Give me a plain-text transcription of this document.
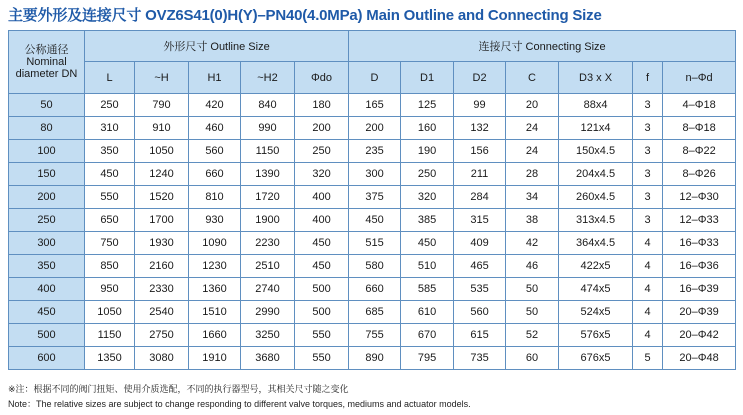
主要外形及连接尺寸 OVZ6S41(0)H(Y)–PN40(4.0MPa) Main Outline and Connecting Size
公称通径 Nominal diameter DN	外形尺寸 Outline Size					连接尺寸 Connecting Size						
	L	~H	H1	~H2	Φdo	D	D1	D2	C	D3 x X	f	n–Φd
50	250	790	420	840	180	165	125	99	20	88x4	3	4–Φ18
80	310	910	460	990	200	200	160	132	24	121x4	3	8–Φ18
100	350	1050	560	1150	250	235	190	156	24	150x4.5	3	8–Φ22
150	450	1240	660	1390	320	300	250	211	28	204x4.5	3	8–Φ26
200	550	1520	810	1720	400	375	320	284	34	260x4.5	3	12–Φ30
250	650	1700	930	1900	400	450	385	315	38	313x4.5	3	12–Φ33
300	750	1930	1090	2230	450	515	450	409	42	364x4.5	4	16–Φ33
350	850	2160	1230	2510	450	580	510	465	46	422x5	4	16–Φ36
400	950	2330	1360	2740	500	660	585	535	50	474x5	4	16–Φ39
450	1050	2540	1510	2990	500	685	610	560	50	524x5	4	20–Φ39
500	1150	2750	1660	3250	550	755	670	615	52	576x5	4	20–Φ42
600	1350	3080	1910	3680	550	890	795	735	60	676x5	5	20–Φ48
※注：根据不同的阀门扭矩、使用介质选配，不同的执行器型号，其相关尺寸随之变化
Note：The relative sizes are subject to change responding to different valve torques, mediums and actuator models.
